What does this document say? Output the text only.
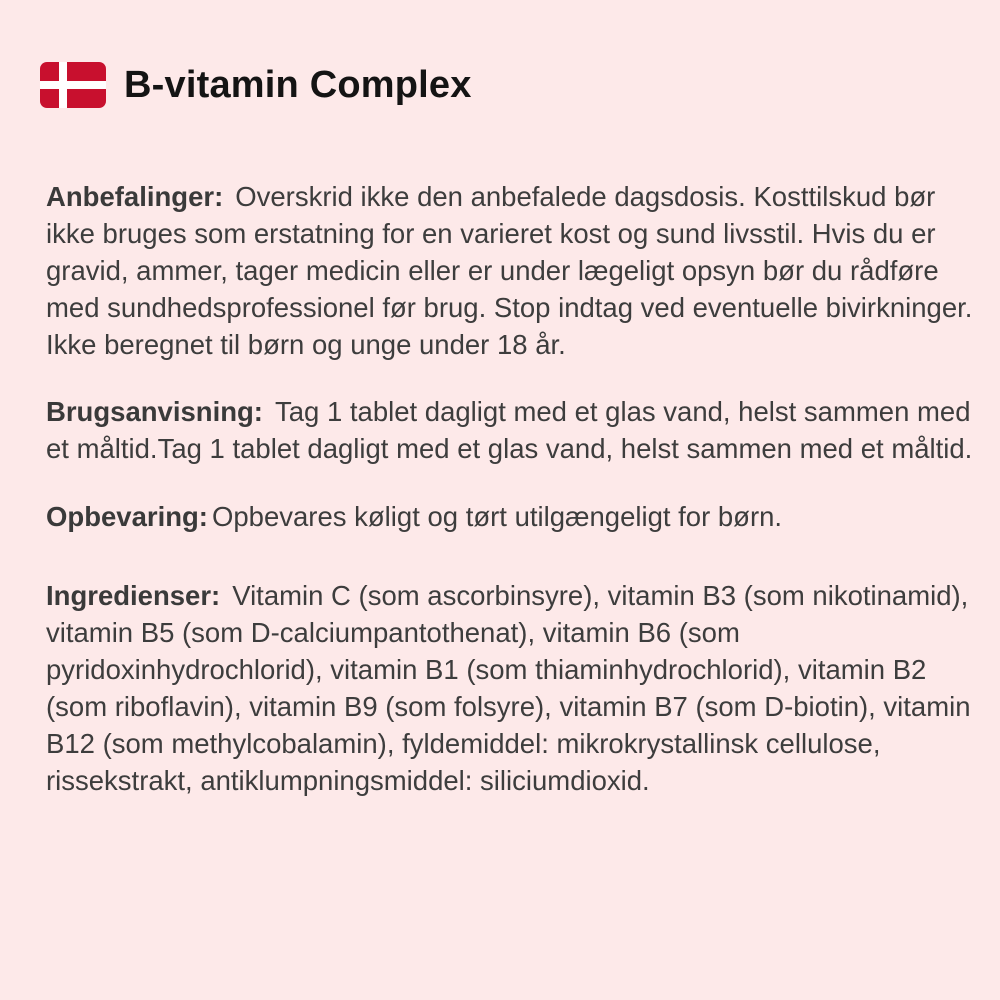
B-vitamin Complex

Anbefalinger: Overskrid ikke den anbefalede dagsdosis. Kosttilskud bør ikke bruges som erstatning for en varieret kost og sund livsstil. Hvis du er gravid, ammer, tager medicin eller er under lægeligt opsyn bør du rådføre med sundhedsprofessionel før brug. Stop indtag ved eventuelle bivirkninger. Ikke beregnet til børn og unge under 18 år.

Brugsanvisning: Tag 1 tablet dagligt med et glas vand, helst sammen med et måltid.Tag 1 tablet dagligt med et glas vand, helst sammen med et måltid.

Opbevaring: Opbevares køligt og tørt utilgængeligt for børn.

Ingredienser: Vitamin C (som ascorbinsyre), vitamin B3 (som nikotinamid), vitamin B5 (som D-calciumpantothenat), vitamin B6 (som pyridoxinhydrochlorid), vitamin B1 (som thiaminhydrochlorid), vitamin B2 (som riboflavin), vitamin B9 (som folsyre), vitamin B7 (som D-biotin), vitamin B12 (som methylcobalamin), fyldemiddel: mikrokrystallinsk cellulose, rissekstrakt, antiklumpningsmiddel: siliciumdioxid.
